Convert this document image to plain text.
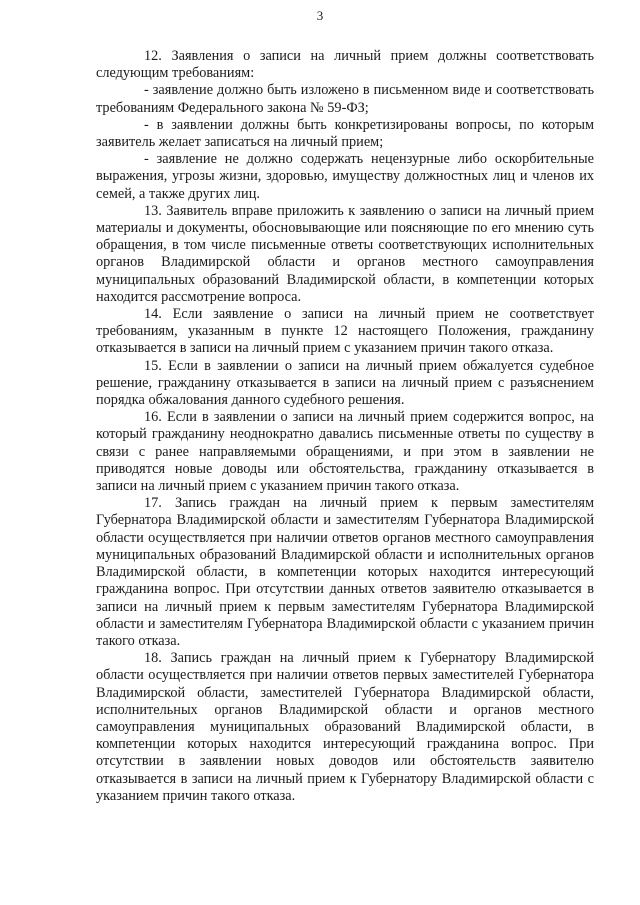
3

12. Заявления о записи на личный прием должны соответствовать следующим требованиям:

- заявление должно быть изложено в письменном виде и соответствовать требованиям Федерального закона № 59-ФЗ;

- в заявлении должны быть конкретизированы вопросы, по которым заявитель желает записаться на личный прием;

- заявление не должно содержать нецензурные либо оскорбительные выражения, угрозы жизни, здоровью, имуществу должностных лиц и членов их семей, а также других лиц.

13. Заявитель вправе приложить к заявлению о записи на личный прием материалы и документы, обосновывающие или поясняющие по его мнению суть обращения, в том числе письменные ответы соответствующих исполнительных органов Владимирской области и органов местного самоуправления муниципальных образований Владимирской области, в компетенции которых находится рассмотрение вопроса.

14. Если заявление о записи на личный прием не соответствует требованиям, указанным в пункте 12 настоящего Положения, гражданину отказывается в записи на личный прием с указанием причин такого отказа.

15. Если в заявлении о записи на личный прием обжалуется судебное решение, гражданину отказывается в записи на личный прием с разъяснением порядка обжалования данного судебного решения.

16. Если в заявлении о записи на личный прием содержится вопрос, на который гражданину неоднократно давались письменные ответы по существу в связи с ранее направляемыми обращениями, и при этом в заявлении не приводятся новые доводы или обстоятельства, гражданину отказывается в записи на личный прием с указанием причин такого отказа.

17. Запись граждан на личный прием к первым заместителям Губернатора Владимирской области и заместителям Губернатора Владимирской области осуществляется при наличии ответов органов местного самоуправления муниципальных образований Владимирской области и исполнительных органов Владимирской области, в компетенции которых находится интересующий гражданина вопрос. При отсутствии данных ответов заявителю отказывается в записи на личный прием к первым заместителям Губернатора Владимирской области и заместителям Губернатора Владимирской области с указанием причин такого отказа.

18. Запись граждан на личный прием к Губернатору Владимирской области осуществляется при наличии ответов первых заместителей Губернатора Владимирской области, заместителей Губернатора Владимирской области, исполнительных органов Владимирской области и органов местного самоуправления муниципальных образований Владимирской области, в компетенции которых находится интересующий гражданина вопрос. При отсутствии в заявлении новых доводов или обстоятельств заявителю отказывается в записи на личный прием к Губернатору Владимирской области с указанием причин такого отказа.
